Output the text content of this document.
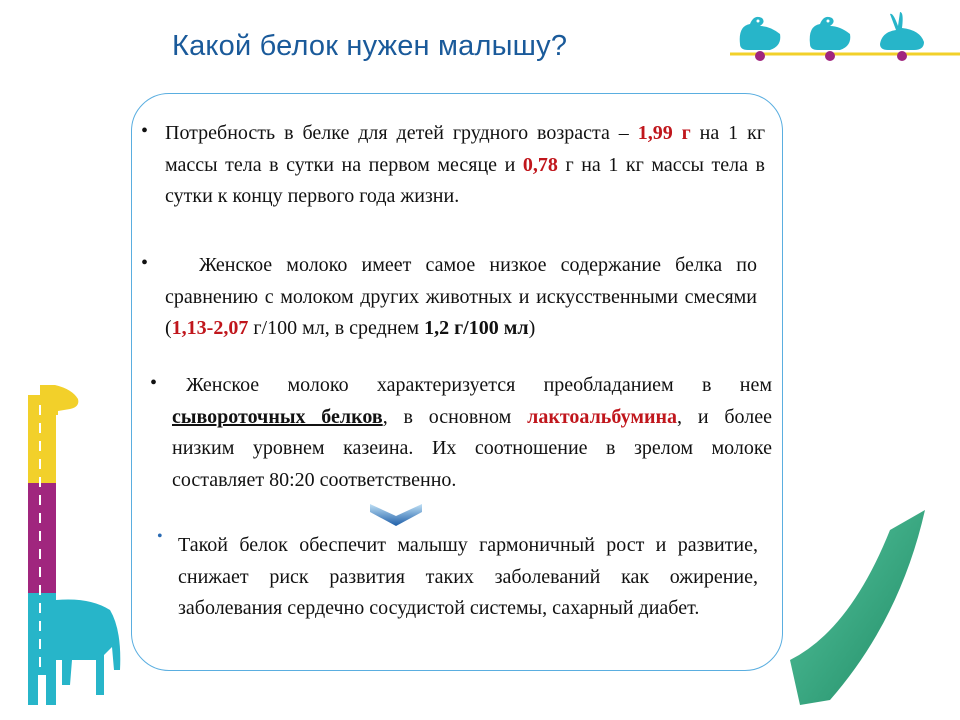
Какой белок нужен малышу?
• Потребность в белке для детей грудного возраста – 1,99 г на 1 кг массы тела в сутки на первом месяце и 0,78 г на 1 кг массы тела в сутки к концу первого года жизни.
•	Женское молоко имеет самое низкое содержание белка по сравнению с молоком других животных и искусственными смесями (1,13-2,07 г/100 мл, в среднем 1,2 г/100 мл)
•	Женское молоко характеризуется преобладанием в нем сывороточных белков, в основном лактоальбумина, и более низким уровнем казеина. Их соотношение в зрелом молоке составляет 80:20 соответственно.
• Такой белок обеспечит малышу гармоничный рост и развитие, снижает риск развития таких заболеваний как ожирение, заболевания сердечно сосудистой системы, сахарный диабет.	Белок OPTIPRO
